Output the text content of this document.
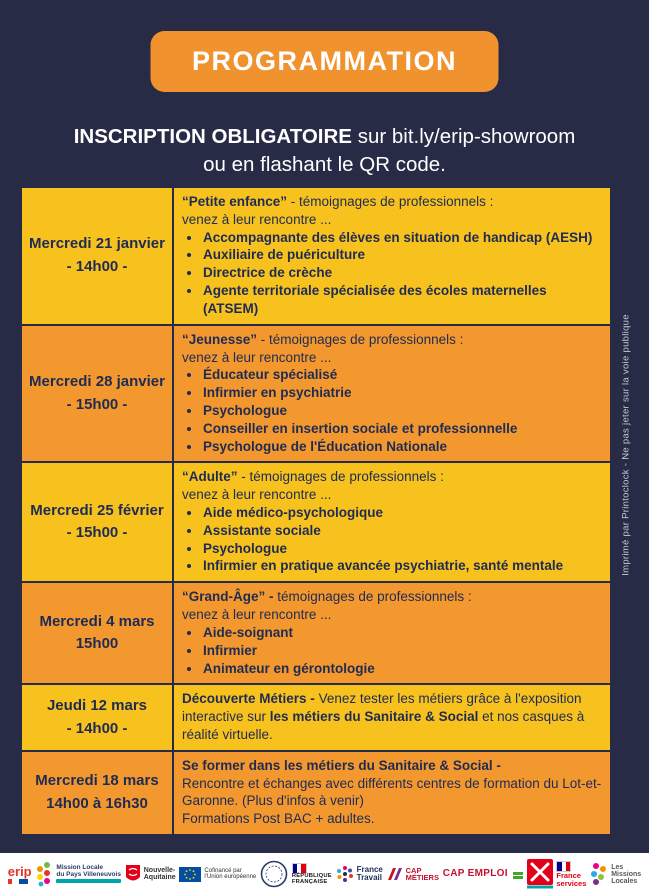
PROGRAMMATION
INSCRIPTION OBLIGATOIRE sur bit.ly/erip-showroom
ou en flashant le QR code.
Mercredi 21 janvier
- 14h00 -
“Petite enfance” - témoignages de professionnels :
venez à leur rencontre ...
• Accompagnante des élèves en situation de handicap (AESH)
• Auxiliaire de puériculture
• Directrice de crèche
• Agente territoriale spécialisée des écoles maternelles (ATSEM)
Mercredi 28 janvier
- 15h00 -
“Jeunesse” - témoignages de professionnels :
venez à leur rencontre ...
• Éducateur spécialisé
• Infirmier en psychiatrie
• Psychologue
• Conseiller en insertion sociale et professionnelle
• Psychologue de l'Éducation Nationale
Mercredi 25 février
- 15h00 -
“Adulte” - témoignages de professionnels :
venez à leur rencontre ...
• Aide médico-psychologique
• Assistante sociale
• Psychologue
• Infirmier en pratique avancée psychiatrie, santé mentale
Mercredi 4 mars
15h00
“Grand-Âge” - témoignages de professionnels :
venez à leur rencontre ...
• Aide-soignant
• Infirmier
• Animateur en gérontologie
Jeudi 12 mars
- 14h00 -
Découverte Métiers - Venez tester les métiers grâce à l'exposition interactive sur les métiers du Sanitaire & Social et nos casques à réalité virtuelle.
Mercredi 18 mars
14h00 à 16h30
Se former dans les métiers du Sanitaire & Social -
Rencontre et échanges avec différents centres de formation du Lot-et-Garonne. (Plus d'infos à venir)
Formations Post BAC + adultes.
Imprimé par Printoclock - Ne pas jeter sur la voie publique
erip	Mission Locale
du Pays Villeneuvois	Nouvelle-
Aquitaine
Cofinancé par
l'Union européenne	RÉPUBLIQUE
FRANÇAISE
France
Travail
CAP
MÉTIERS CAP EMPLOI	France
services
Les
Missions
Locales
